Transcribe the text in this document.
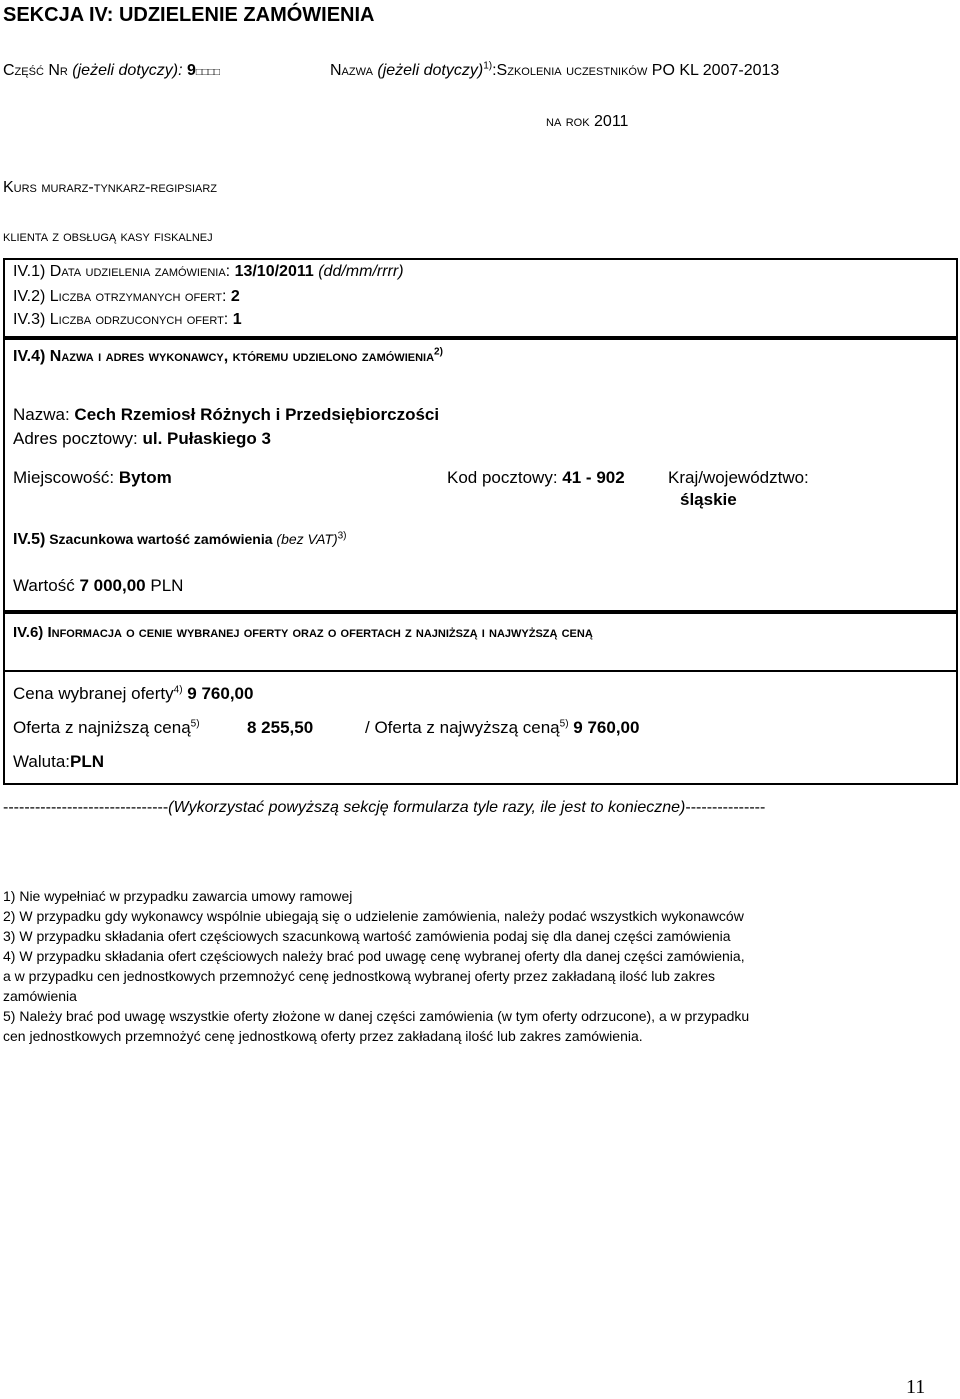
SEKCJA IV: UDZIELENIE ZAMÓWIENIA
Część Nr (jeżeli dotyczy): 9□□□□	Nazwa (jeżeli dotyczy)$^{1)}$:Szkolenia uczestników PO KL 2007-2013
na rok 2011
Kurs murarz-tynkarz-regipsiarz
klienta z obsługą kasy fiskalnej
IV.1) Data udzielenia zamówienia: 13/10/2011 (dd/mm/rrrr)
IV.2) Liczba otrzymanych ofert: 2
IV.3) Liczba odrzuconych ofert: 1
IV.4) Nazwa i adres wykonawcy, któremu udzielono zamówienia$^{2)}$
Nazwa: Cech Rzemiosł Różnych i Przedsiębiorczości
Adres pocztowy: ul. Pułaskiego 3
Miejscowość: Bytom	Kod pocztowy: 41 - 902	Kraj/województwo:
śląskie
IV.5) Szacunkowa wartość zamówienia (bez VAT)$^{3)}$
Wartość 7 000,00 PLN
IV.6) Informacja o cenie wybranej oferty oraz o ofertach z najniższą i najwyższą ceną
Cena wybranej oferty$^{4)}$ 9 760,00
Oferta z najniższą ceną$^{5)}$	8 255,50	/ Oferta z najwyższą ceną$^{5)}$ 9 760,00
Waluta:PLN
-------------------------------(Wykorzystać powyższą sekcję formularza tyle razy, ile jest to konieczne)---------------
1) Nie wypełniać w przypadku zawarcia umowy ramowej
2) W przypadku gdy wykonawcy wspólnie ubiegają się o udzielenie zamówienia, należy podać wszystkich wykonawców
3) W przypadku składania ofert częściowych szacunkową wartość zamówienia podaj się dla danej części zamówienia
4) W przypadku składania ofert częściowych należy brać pod uwagę cenę wybranej oferty dla danej części zamówienia,
a w przypadku cen jednostkowych przemnożyć cenę jednostkową wybranej oferty przez zakładaną ilość lub zakres
zamówienia
5) Należy brać pod uwagę wszystkie oferty złożone w danej części zamówienia (w tym oferty odrzucone), a w przypadku
cen jednostkowych przemnożyć cenę jednostkową oferty przez zakładaną ilość lub zakres zamówienia.
11
